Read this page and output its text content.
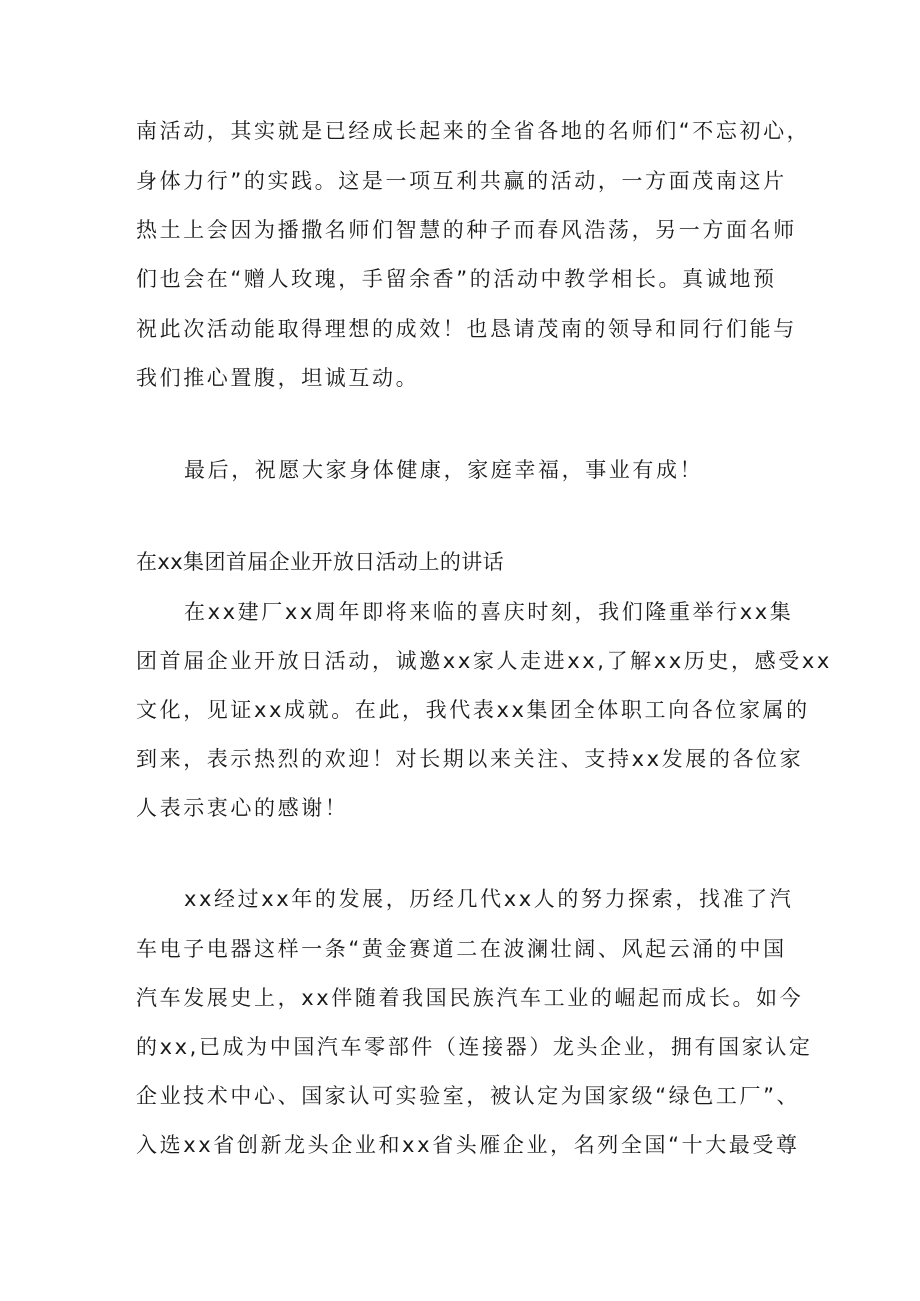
南活动，其实就是已经成长起来的全省各地的名师们“不忘初心，
身体力行”的实践。这是一项互利共赢的活动，一方面茂南这片
热土上会因为播撒名师们智慧的种子而春风浩荡，另一方面名师
们也会在“赠人玫瑰，手留余香”的活动中教学相长。真诚地预
祝此次活动能取得理想的成效！也恳请茂南的领导和同行们能与
我们推心置腹，坦诚互动。
最后，祝愿大家身体健康，家庭幸福，事业有成！
在xx集团首届企业开放日活动上的讲话
在xx建厂xx周年即将来临的喜庆时刻，我们隆重举行xx集
团首届企业开放日活动，诚邀xx家人走进xx,了解xx历史，感受xx
文化，见证xx成就。在此，我代表xx集团全体职工向各位家属的
到来，表示热烈的欢迎！对长期以来关注、支持xx发展的各位家
人表示衷心的感谢！
xx经过xx年的发展，历经几代xx人的努力探索，找准了汽
车电子电器这样一条“黄金赛道二在波澜壮阔、风起云涌的中国
汽车发展史上，xx伴随着我国民族汽车工业的崛起而成长。如今
的xx,已成为中国汽车零部件（连接器）龙头企业，拥有国家认定
企业技术中心、国家认可实验室，被认定为国家级“绿色工厂”、
入选xx省创新龙头企业和xx省头雁企业，名列全国“十大最受尊
